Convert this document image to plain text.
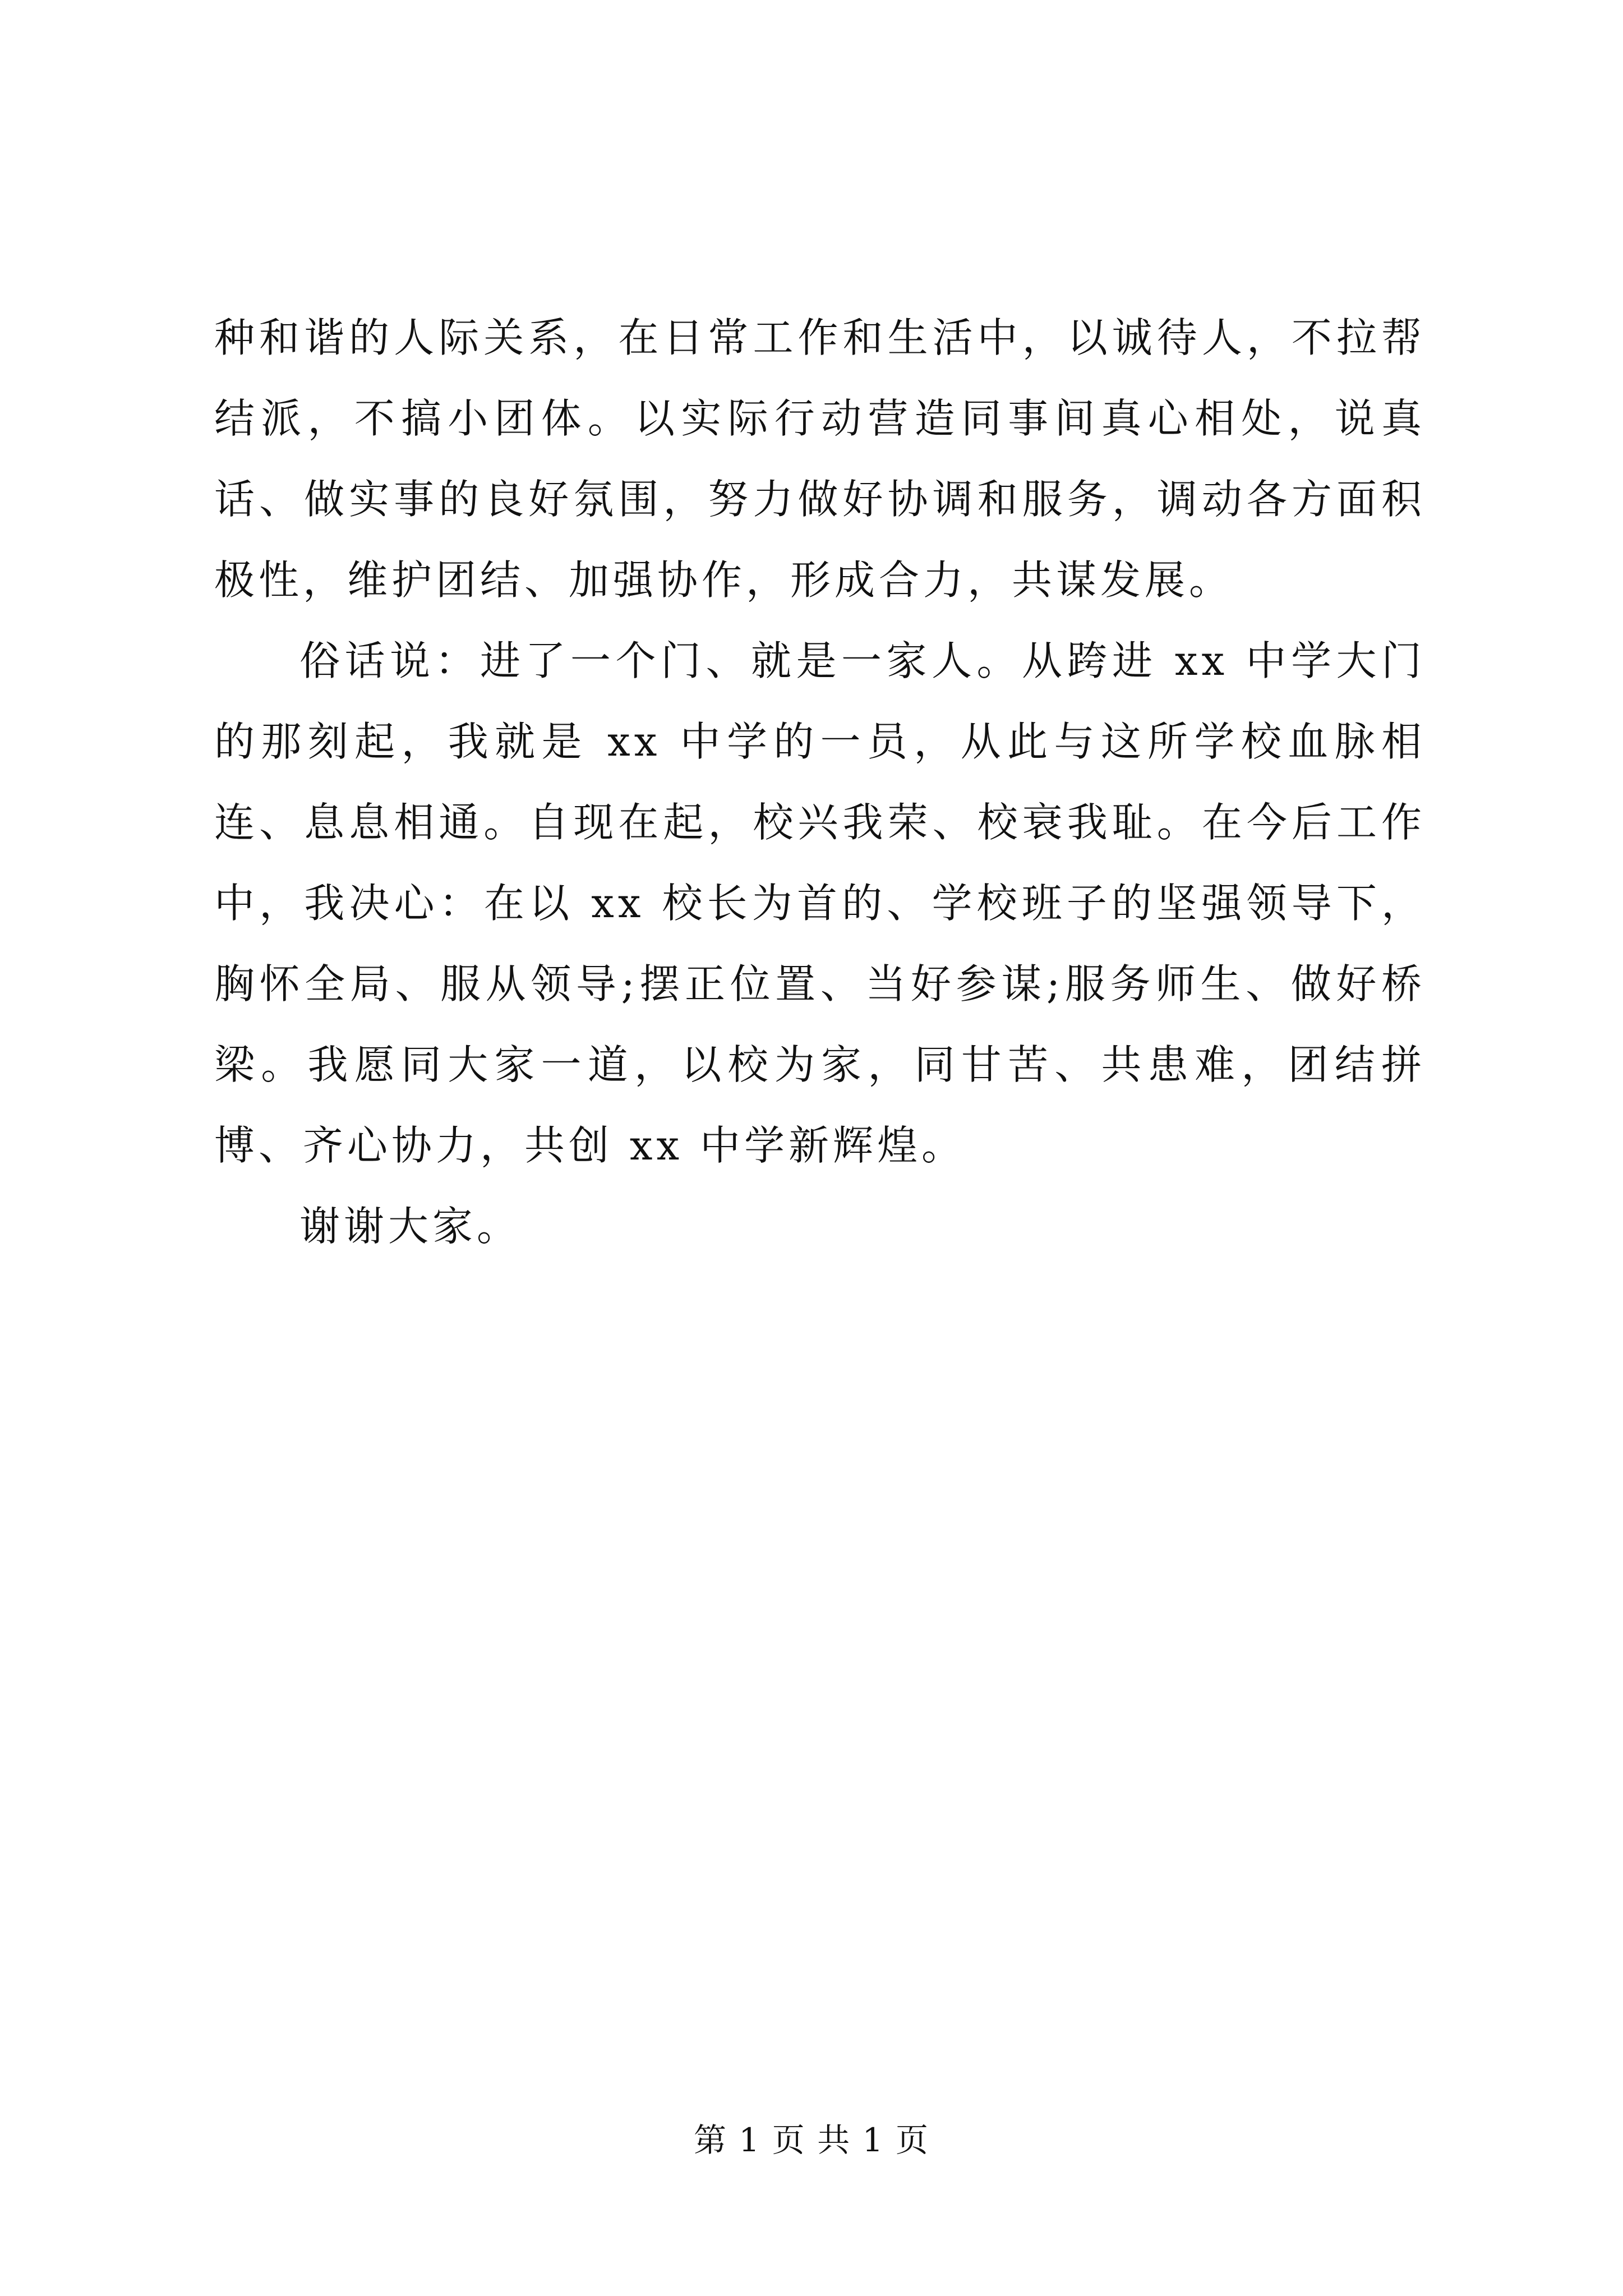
种和谐的人际关系，在日常工作和生活中，以诚待人，不拉帮结派，不搞小团体。以实际行动营造同事间真心相处，说真话、做实事的良好氛围，努力做好协调和服务，调动各方面积极性，维护团结、加强协作，形成合力，共谋发展。

俗话说：进了一个门、就是一家人。从跨进 xx 中学大门的那刻起，我就是 xx 中学的一员，从此与这所学校血脉相连、息息相通。自现在起，校兴我荣、校衰我耻。在今后工作中，我决心：在以 xx 校长为首的、学校班子的坚强领导下，胸怀全局、服从领导;摆正位置、当好参谋;服务师生、做好桥梁。我愿同大家一道，以校为家，同甘苦、共患难，团结拼博、齐心协力，共创 xx 中学新辉煌。

谢谢大家。

第 1 页 共 1 页
